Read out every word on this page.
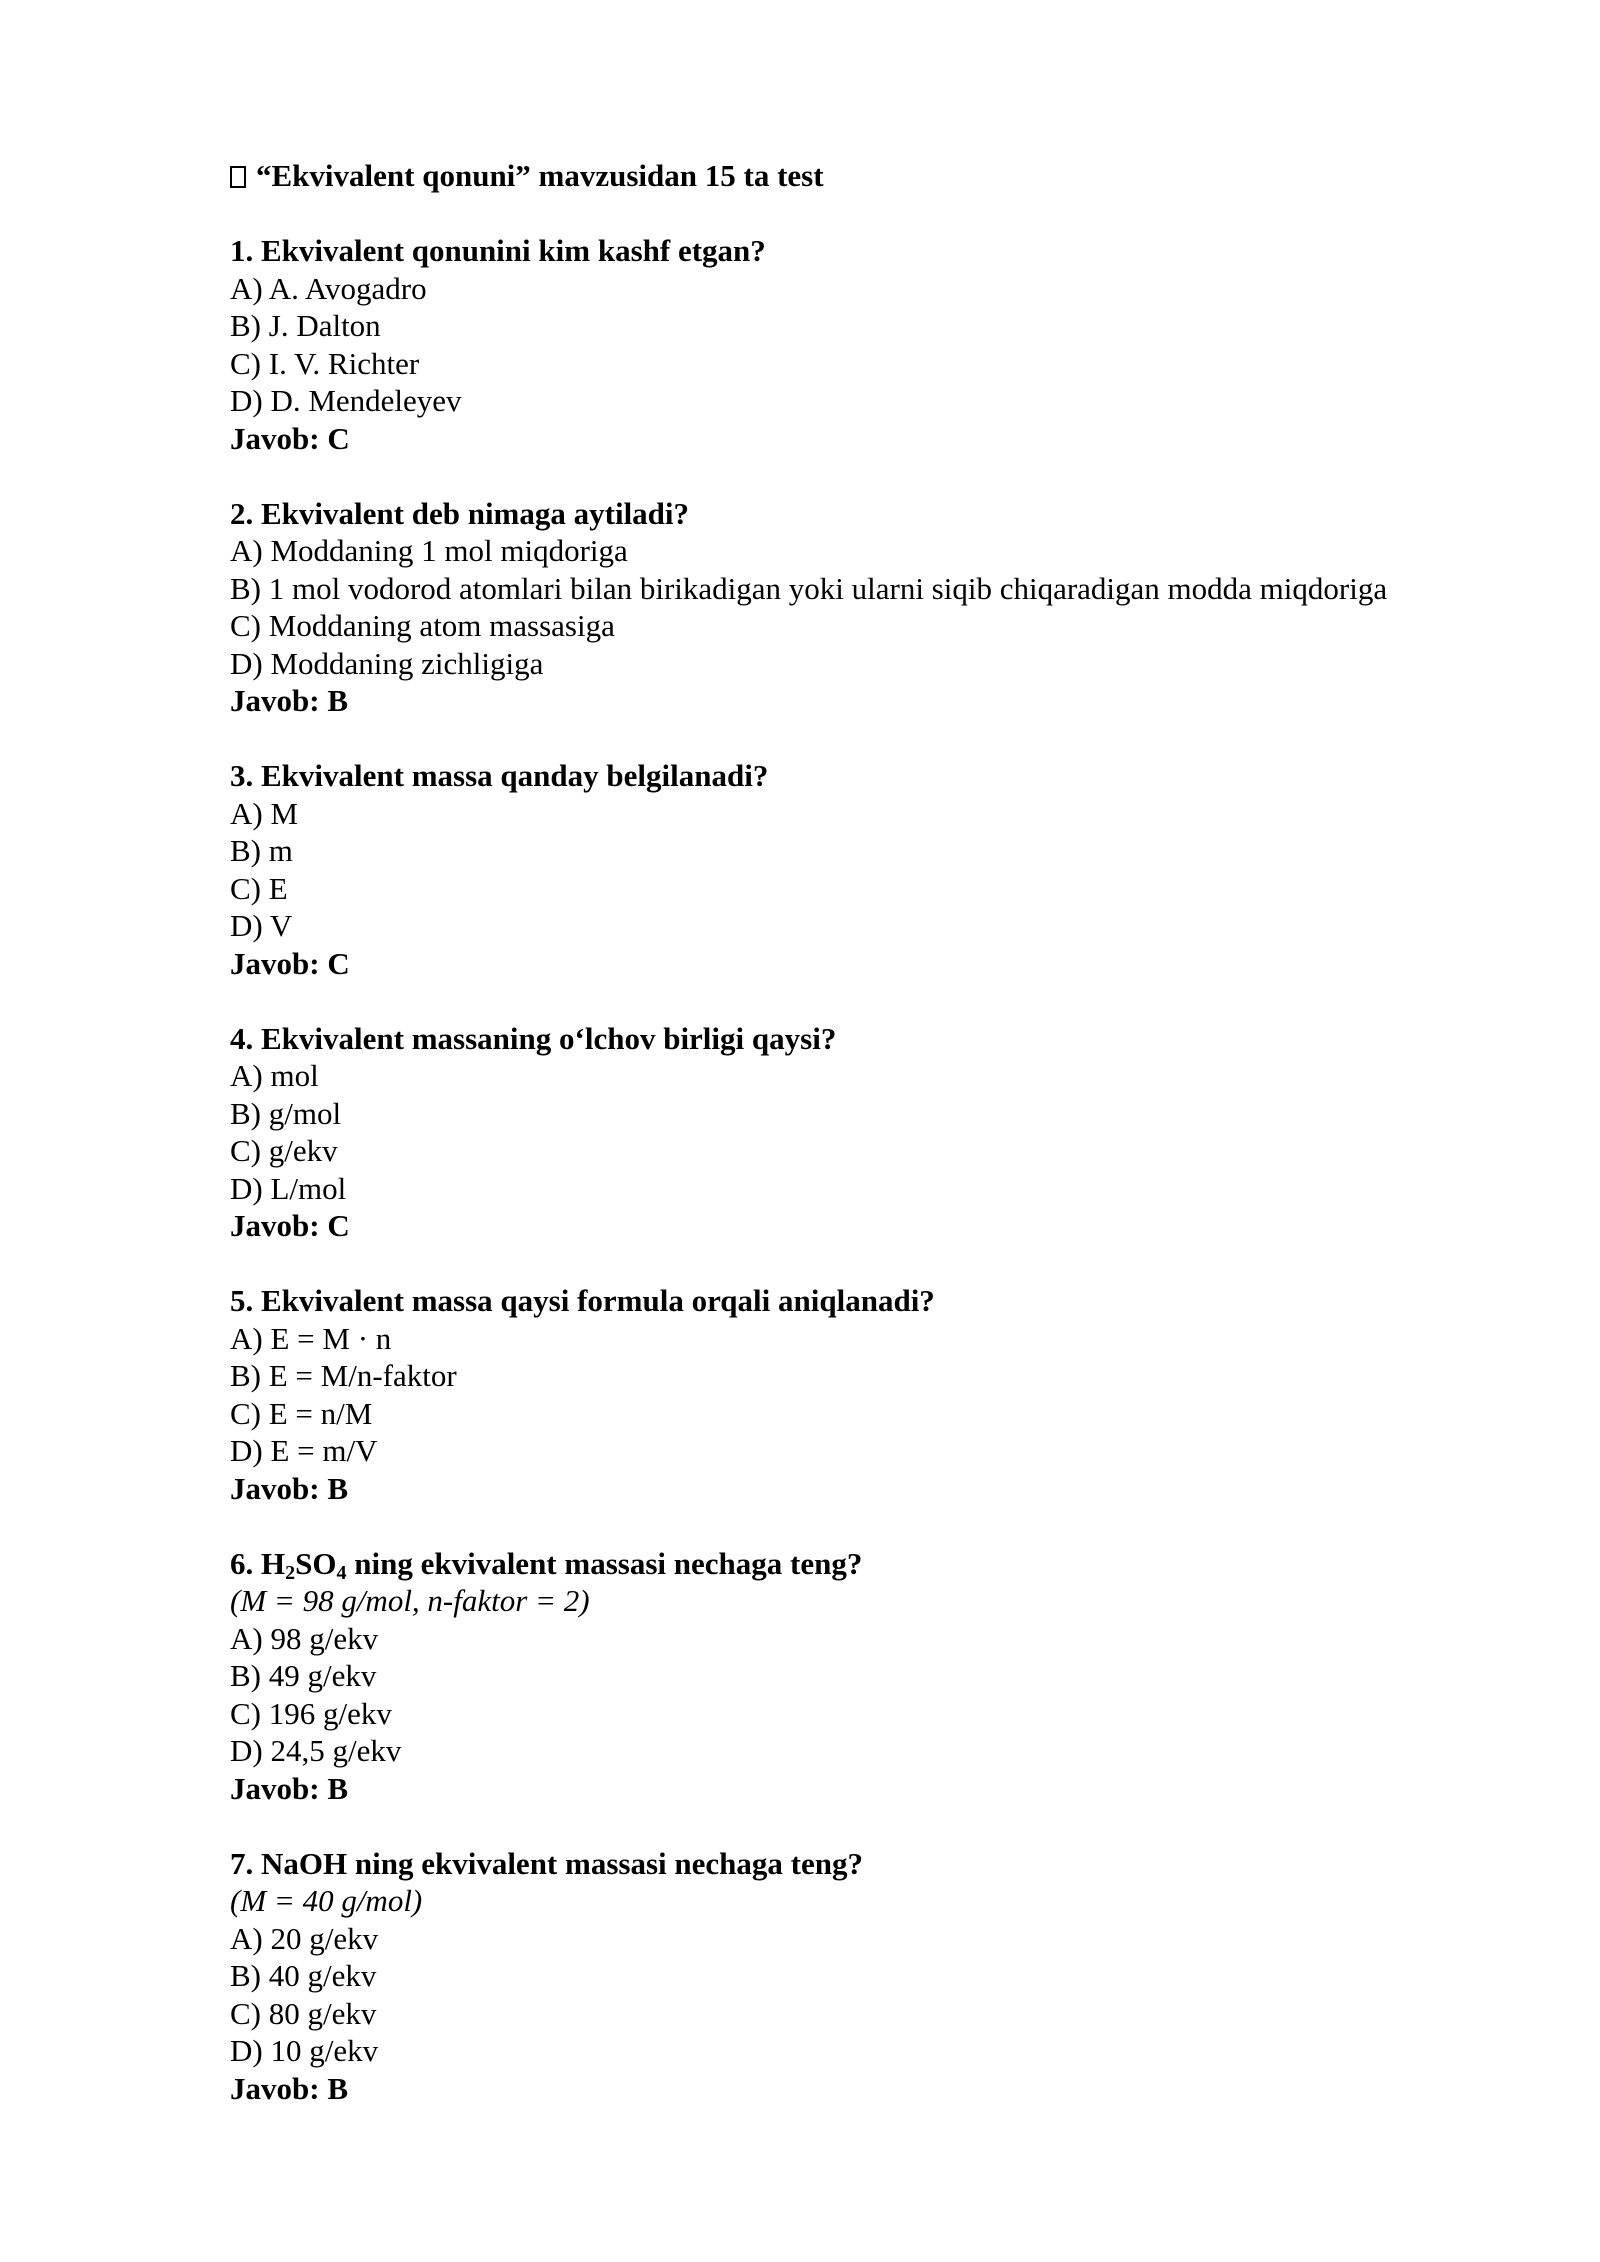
“Ekvivalent qonuni” mavzusidan 15 ta test
1. Ekvivalent qonunini kim kashf etgan?
A) A. Avogadro
B) J. Dalton
C) I. V. Richter
D) D. Mendeleyev
Javob: C
2. Ekvivalent deb nimaga aytiladi?
A) Moddaning 1 mol miqdoriga
B) 1 mol vodorod atomlari bilan birikadigan yoki ularni siqib chiqaradigan modda miqdoriga
C) Moddaning atom massasiga
D) Moddaning zichligiga
Javob: B
3. Ekvivalent massa qanday belgilanadi?
A) M
B) m
C) E
D) V
Javob: C
4. Ekvivalent massaning o‘lchov birligi qaysi?
A) mol
B) g/mol
C) g/ekv
D) L/mol
Javob: C
5. Ekvivalent massa qaysi formula orqali aniqlanadi?
A) E = M · n
B) E = M/n-faktor
C) E = n/M
D) E = m/V
Javob: B
6. $H_2SO_4$ ning ekvivalent massasi nechaga teng?
(M = 98 g/mol, n-faktor = 2)
A) 98 g/ekv
B) 49 g/ekv
C) 196 g/ekv
D) 24,5 g/ekv
Javob: B
7. NaOH ning ekvivalent massasi nechaga teng?
(M = 40 g/mol)
A) 20 g/ekv
B) 40 g/ekv
C) 80 g/ekv
D) 10 g/ekv
Javob: B
